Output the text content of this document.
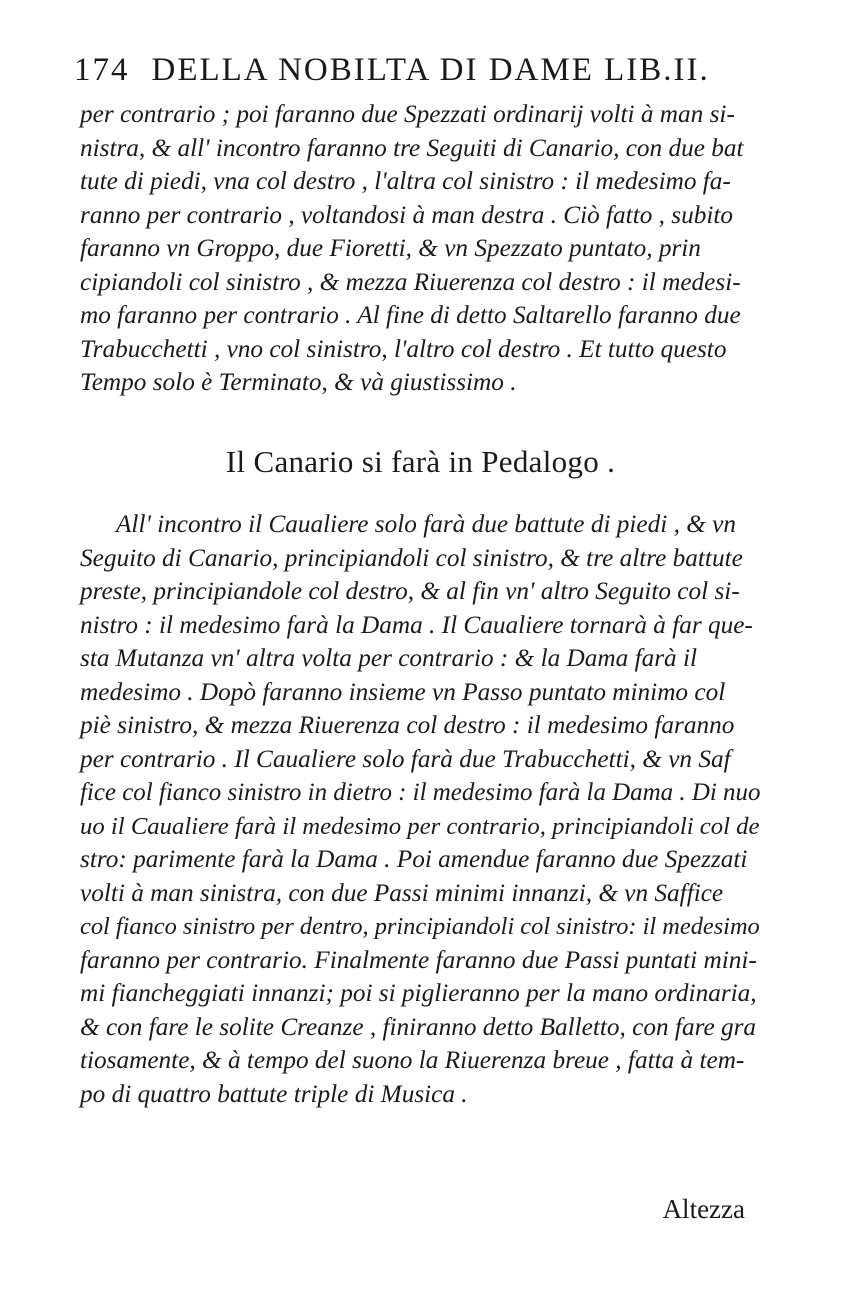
174 DELLA NOBILTA DI DAME LIB.II.
per contrario ; poi faranno due Spezzati ordinarij volti à man si-
nistra, & all' incontro faranno tre Seguiti di Canario, con due bat
tute di piedi, vna col destro , l'altra col sinistro : il medesimo fa-
ranno per contrario , voltandosi à man destra . Ciò fatto , subito
faranno vn Groppo, due Fioretti, & vn Spezzato puntato, prin
cipiandoli col sinistro , & mezza Riuerenza col destro : il medesi-
mo faranno per contrario . Al fine di detto Saltarello faranno due
Trabucchetti , vno col sinistro, l'altro col destro . Et tutto questo
Tempo solo è Terminato, & và giustissimo .
Il Canario si farà in Pedalogo .
All' incontro il Caualiere solo farà due battute di piedi , & vn
Seguito di Canario, principiandoli col sinistro, & tre altre battute
preste, principiandole col destro, & al fin vn' altro Seguito col si-
nistro : il medesimo farà la Dama . Il Caualiere tornarà à far que-
sta Mutanza vn' altra volta per contrario : & la Dama farà il
medesimo . Dopò faranno insieme vn Passo puntato minimo col
piè sinistro, & mezza Riuerenza col destro : il medesimo faranno
per contrario . Il Caualiere solo farà due Trabucchetti, & vn Saf
fice col fianco sinistro in dietro : il medesimo farà la Dama . Di nuo
uo il Caualiere farà il medesimo per contrario, principiandoli col de
stro: parimente farà la Dama . Poi amendue faranno due Spezzati
volti à man sinistra, con due Passi minimi innanzi, & vn Saffice
col fianco sinistro per dentro, principiandoli col sinistro: il medesimo
faranno per contrario. Finalmente faranno due Passi puntati mini-
mi fiancheggiati innanzi; poi si piglieranno per la mano ordinaria,
& con fare le solite Creanze , finiranno detto Balletto, con fare gra
tiosamente, & à tempo del suono la Riuerenza breue , fatta à tem-
po di quattro battute triple di Musica .
Altezza
